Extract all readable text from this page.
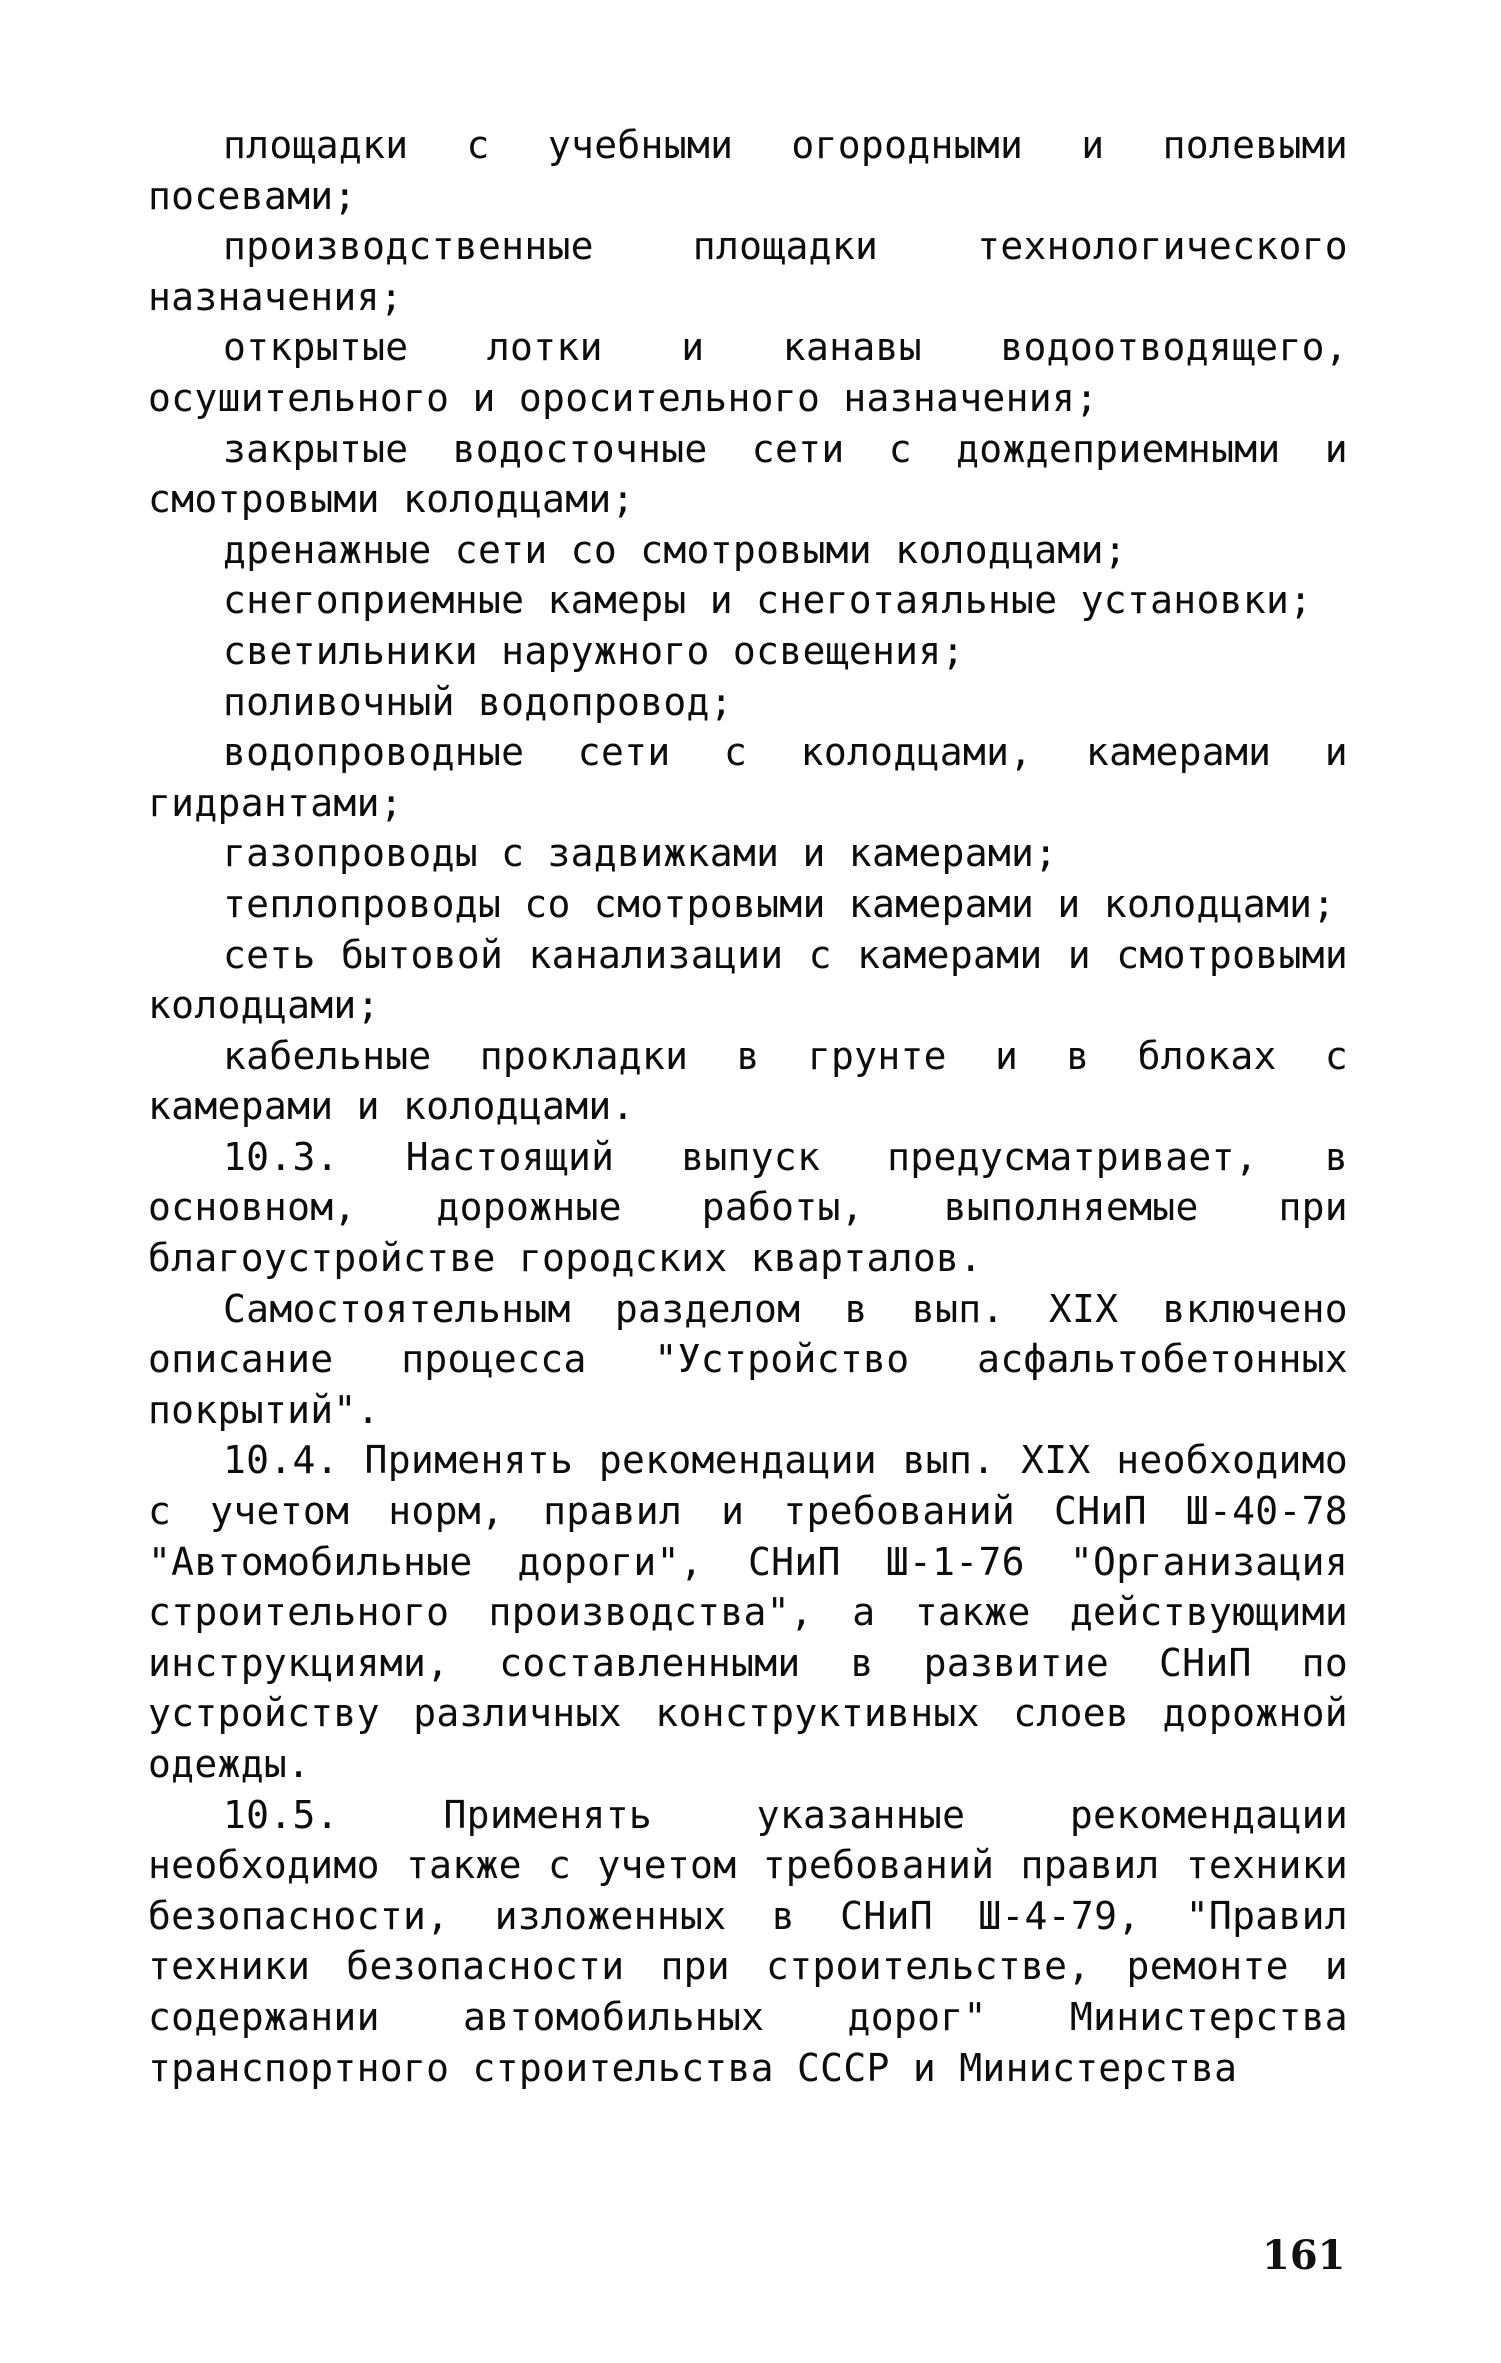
площадки с учебными огородными и полевыми посевами;

производственные площадки технологического назначения;

открытые лотки и канавы водоотводящего, осушительного и оросительного назначения;

закрытые водосточные сети с дождеприемными и смотровыми колодцами;

дренажные сети со смотровыми колодцами;

снегоприемные камеры и снеготаяльные установки;

светильники наружного освещения;

поливочный водопровод;

водопроводные сети с колодцами, камерами и гидрантами;

газопроводы с задвижками и камерами;

теплопроводы со смотровыми камерами и колодцами;

сеть бытовой канализации с камерами и смотровыми колодцами;

кабельные прокладки в грунте и в блоках с камерами и колодцами.

10.3. Настоящий выпуск предусматривает, в основном, дорожные работы, выполняемые при благоустройстве городских кварталов.

Самостоятельным разделом в вып. XIX включено описание процесса "Устройство асфальтобетонных покрытий".

10.4. Применять рекомендации вып. XIX необходимо с учетом норм, правил и требований СНиП Ш-40-78 "Автомобильные дороги", СНиП Ш-1-76 "Организация строительного производства", а также действующими инструкциями, составленными в развитие СНиП по устройству различных конструктивных слоев дорожной одежды.

10.5. Применять указанные рекомендации необходимо также с учетом требований правил техники безопасности, изложенных в СНиП Ш-4-79, "Правил техники безопасности при строительстве, ремонте и содержании автомобильных дорог" Министерства транспортного строительства СССР и Министерства

161
